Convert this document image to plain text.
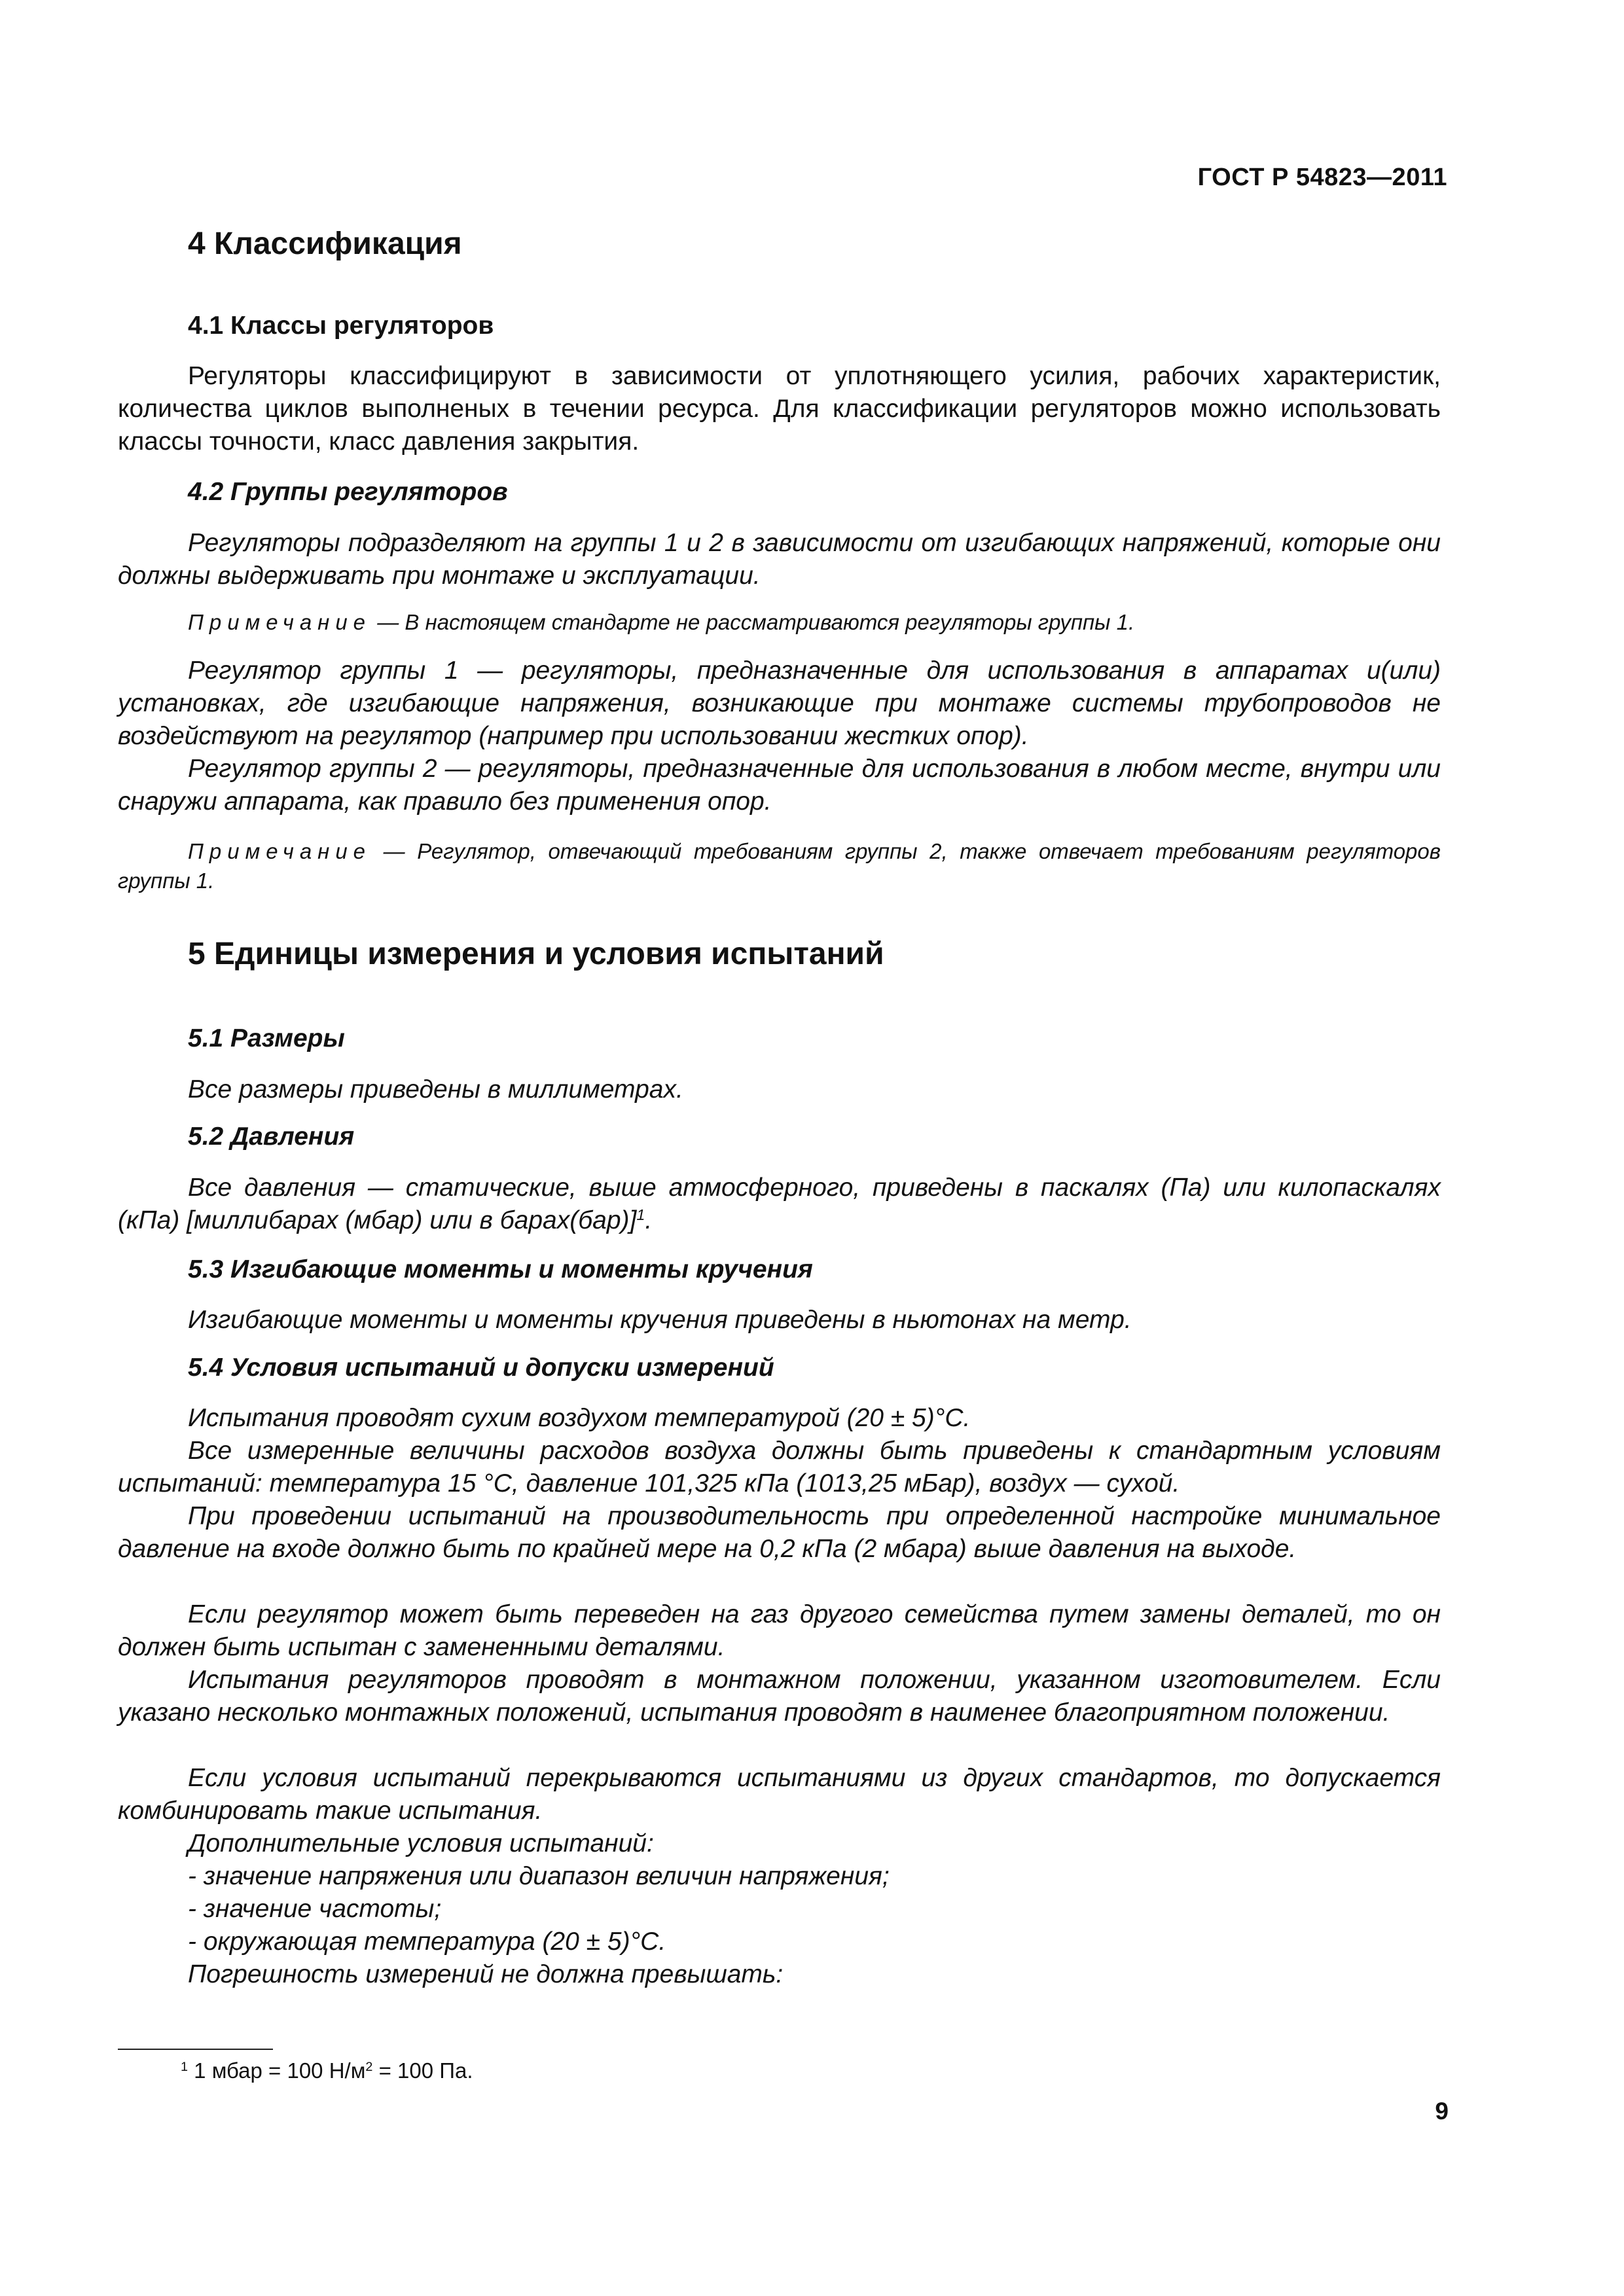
ГОСТ Р 54823—2011
4 Классификация
4.1 Классы регуляторов

Регуляторы классифицируют в зависимости от уплотняющего усилия, рабочих характеристик, количества циклов выполненых в течении ресурса. Для классификации регуляторов можно использовать классы точности, класс давления закрытия.

4.2 Группы регуляторов

Регуляторы подразделяют на группы 1 и 2 в зависимости от изгибающих напряжений, которые они должны выдерживать при монтаже и эксплуатации.

Примечание — В настоящем стандарте не рассматриваются регуляторы группы 1.

Регулятор группы 1 — регуляторы, предназначенные для использования в аппаратах и(или) установках, где изгибающие напряжения, возникающие при монтаже системы трубопроводов не воздействуют на регулятор (например при использовании жестких опор).

Регулятор группы 2 — регуляторы, предназначенные для использования в любом месте, внутри или снаружи аппарата, как правило без применения опор.

Примечание — Регулятор, отвечающий требованиям группы 2, также отвечает требованиям регуляторов группы 1.

5 Единицы измерения и условия испытаний
5.1 Размеры

Все размеры приведены в миллиметрах.

5.2 Давления

Все давления — статические, выше атмосферного, приведены в паскалях (Па) или килопаскалях (кПа) [миллибарах (мбар) или в барах(бар)]$^1$.

5.3 Изгибающие моменты и моменты кручения

Изгибающие моменты и моменты кручения приведены в ньютонах на метр.

5.4 Условия испытаний и допуски измерений

Испытания проводят сухим воздухом температурой (20 ± 5)°С.

Все измеренные величины расходов воздуха должны быть приведены к стандартным условиям испытаний: температура 15 °С, давление 101,325 кПа (1013,25 мБар), воздух — сухой.

При проведении испытаний на производительность при определенной настройке минимальное давление на входе должно быть по крайней мере на 0,2 кПа (2 мбара) выше давления на выходе.

Если регулятор может быть переведен на газ другого семейства путем замены деталей, то он должен быть испытан с замененными деталями.

Испытания регуляторов проводят в монтажном положении, указанном изготовителем. Если указано несколько монтажных положений, испытания проводят в наименее благоприятном положении.

Если условия испытаний перекрываются испытаниями из других стандартов, то допускается комбинировать такие испытания.

Дополнительные условия испытаний:

- значение напряжения или диапазон величин напряжения;

- значение частоты;

- окружающая температура (20 ± 5)°С.

Погрешность измерений не должна превышать:

$^1$ 1 мбар = 100 $Н/м^2 = 100$ Па.
9
